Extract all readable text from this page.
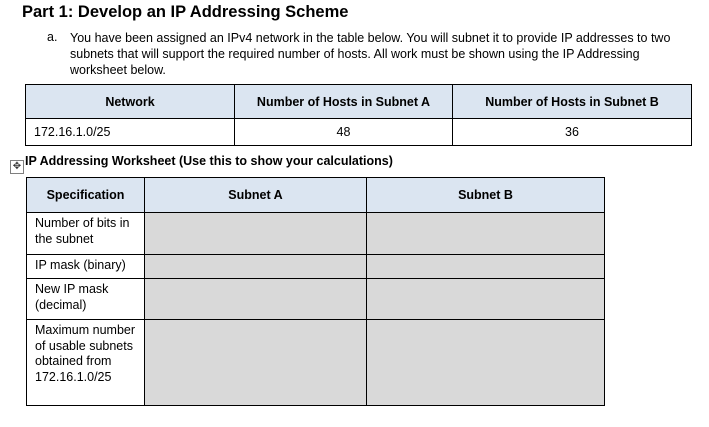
Part 1: Develop an IP Addressing Scheme
a. You have been assigned an IPv4 network in the table below. You will subnet it to provide IP addresses to two subnets that will support the required number of hosts. All work must be shown using the IP Addressing worksheet below.
Network	Number of Hosts in Subnet A	Number of Hosts in Subnet B
172.16.1.0/25	48	36
✥ IP Addressing Worksheet (Use this to show your calculations)
Specification	Subnet A	Subnet B
Number of bits in the subnet		
IP mask (binary)		
New IP mask (decimal)		
Maximum number of usable subnets obtained from 172.16.1.0/25		
